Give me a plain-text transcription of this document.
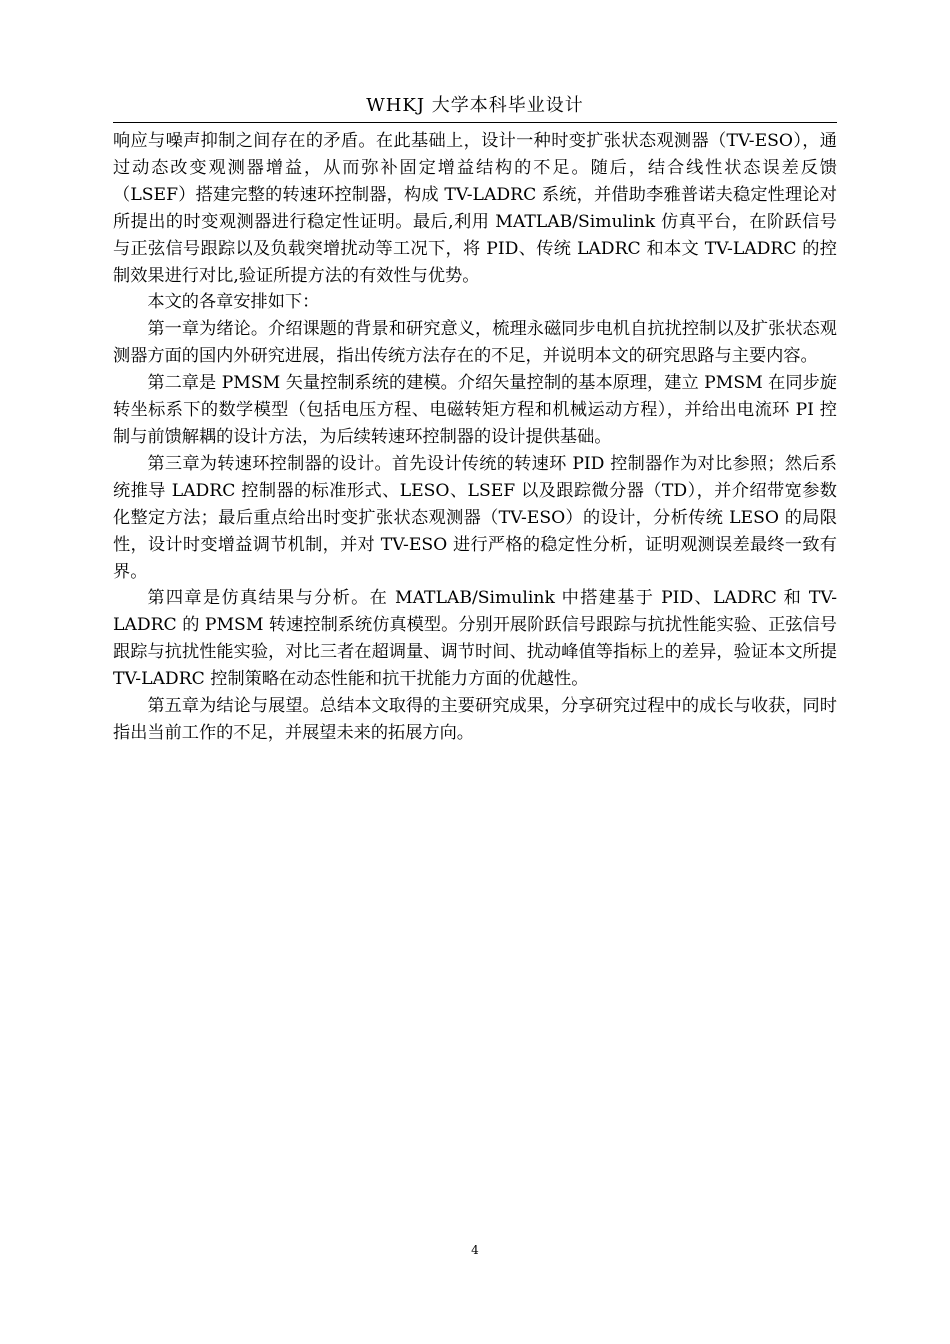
WHKJ 大学本科毕业设计

响应与噪声抑制之间存在的矛盾。在此基础上，设计一种时变扩张状态观测器（TV-ESO），通过动态改变观测器增益，从而弥补固定增益结构的不足。随后，结合线性状态误差反馈（LSEF）搭建完整的转速环控制器，构成 TV-LADRC 系统，并借助李雅普诺夫稳定性理论对所提出的时变观测器进行稳定性证明。最后,利用 MATLAB/Simulink 仿真平台，在阶跃信号与正弦信号跟踪以及负载突增扰动等工况下，将 PID、传统 LADRC 和本文 TV-LADRC 的控制效果进行对比,验证所提方法的有效性与优势。

本文的各章安排如下：

第一章为绪论。介绍课题的背景和研究意义，梳理永磁同步电机自抗扰控制以及扩张状态观测器方面的国内外研究进展，指出传统方法存在的不足，并说明本文的研究思路与主要内容。

第二章是 PMSM 矢量控制系统的建模。介绍矢量控制的基本原理，建立 PMSM 在同步旋转坐标系下的数学模型（包括电压方程、电磁转矩方程和机械运动方程），并给出电流环 PI 控制与前馈解耦的设计方法，为后续转速环控制器的设计提供基础。

第三章为转速环控制器的设计。首先设计传统的转速环 PID 控制器作为对比参照；然后系统推导 LADRC 控制器的标准形式、LESO、LSEF 以及跟踪微分器（TD），并介绍带宽参数化整定方法；最后重点给出时变扩张状态观测器（TV-ESO）的设计，分析传统 LESO 的局限性，设计时变增益调节机制，并对 TV-ESO 进行严格的稳定性分析，证明观测误差最终一致有界。

第四章是仿真结果与分析。在 MATLAB/Simulink 中搭建基于 PID、LADRC 和 TV-LADRC 的 PMSM 转速控制系统仿真模型。分别开展阶跃信号跟踪与抗扰性能实验、正弦信号跟踪与抗扰性能实验，对比三者在超调量、调节时间、扰动峰值等指标上的差异，验证本文所提 TV-LADRC 控制策略在动态性能和抗干扰能力方面的优越性。

第五章为结论与展望。总结本文取得的主要研究成果，分享研究过程中的成长与收获，同时指出当前工作的不足，并展望未来的拓展方向。

4
